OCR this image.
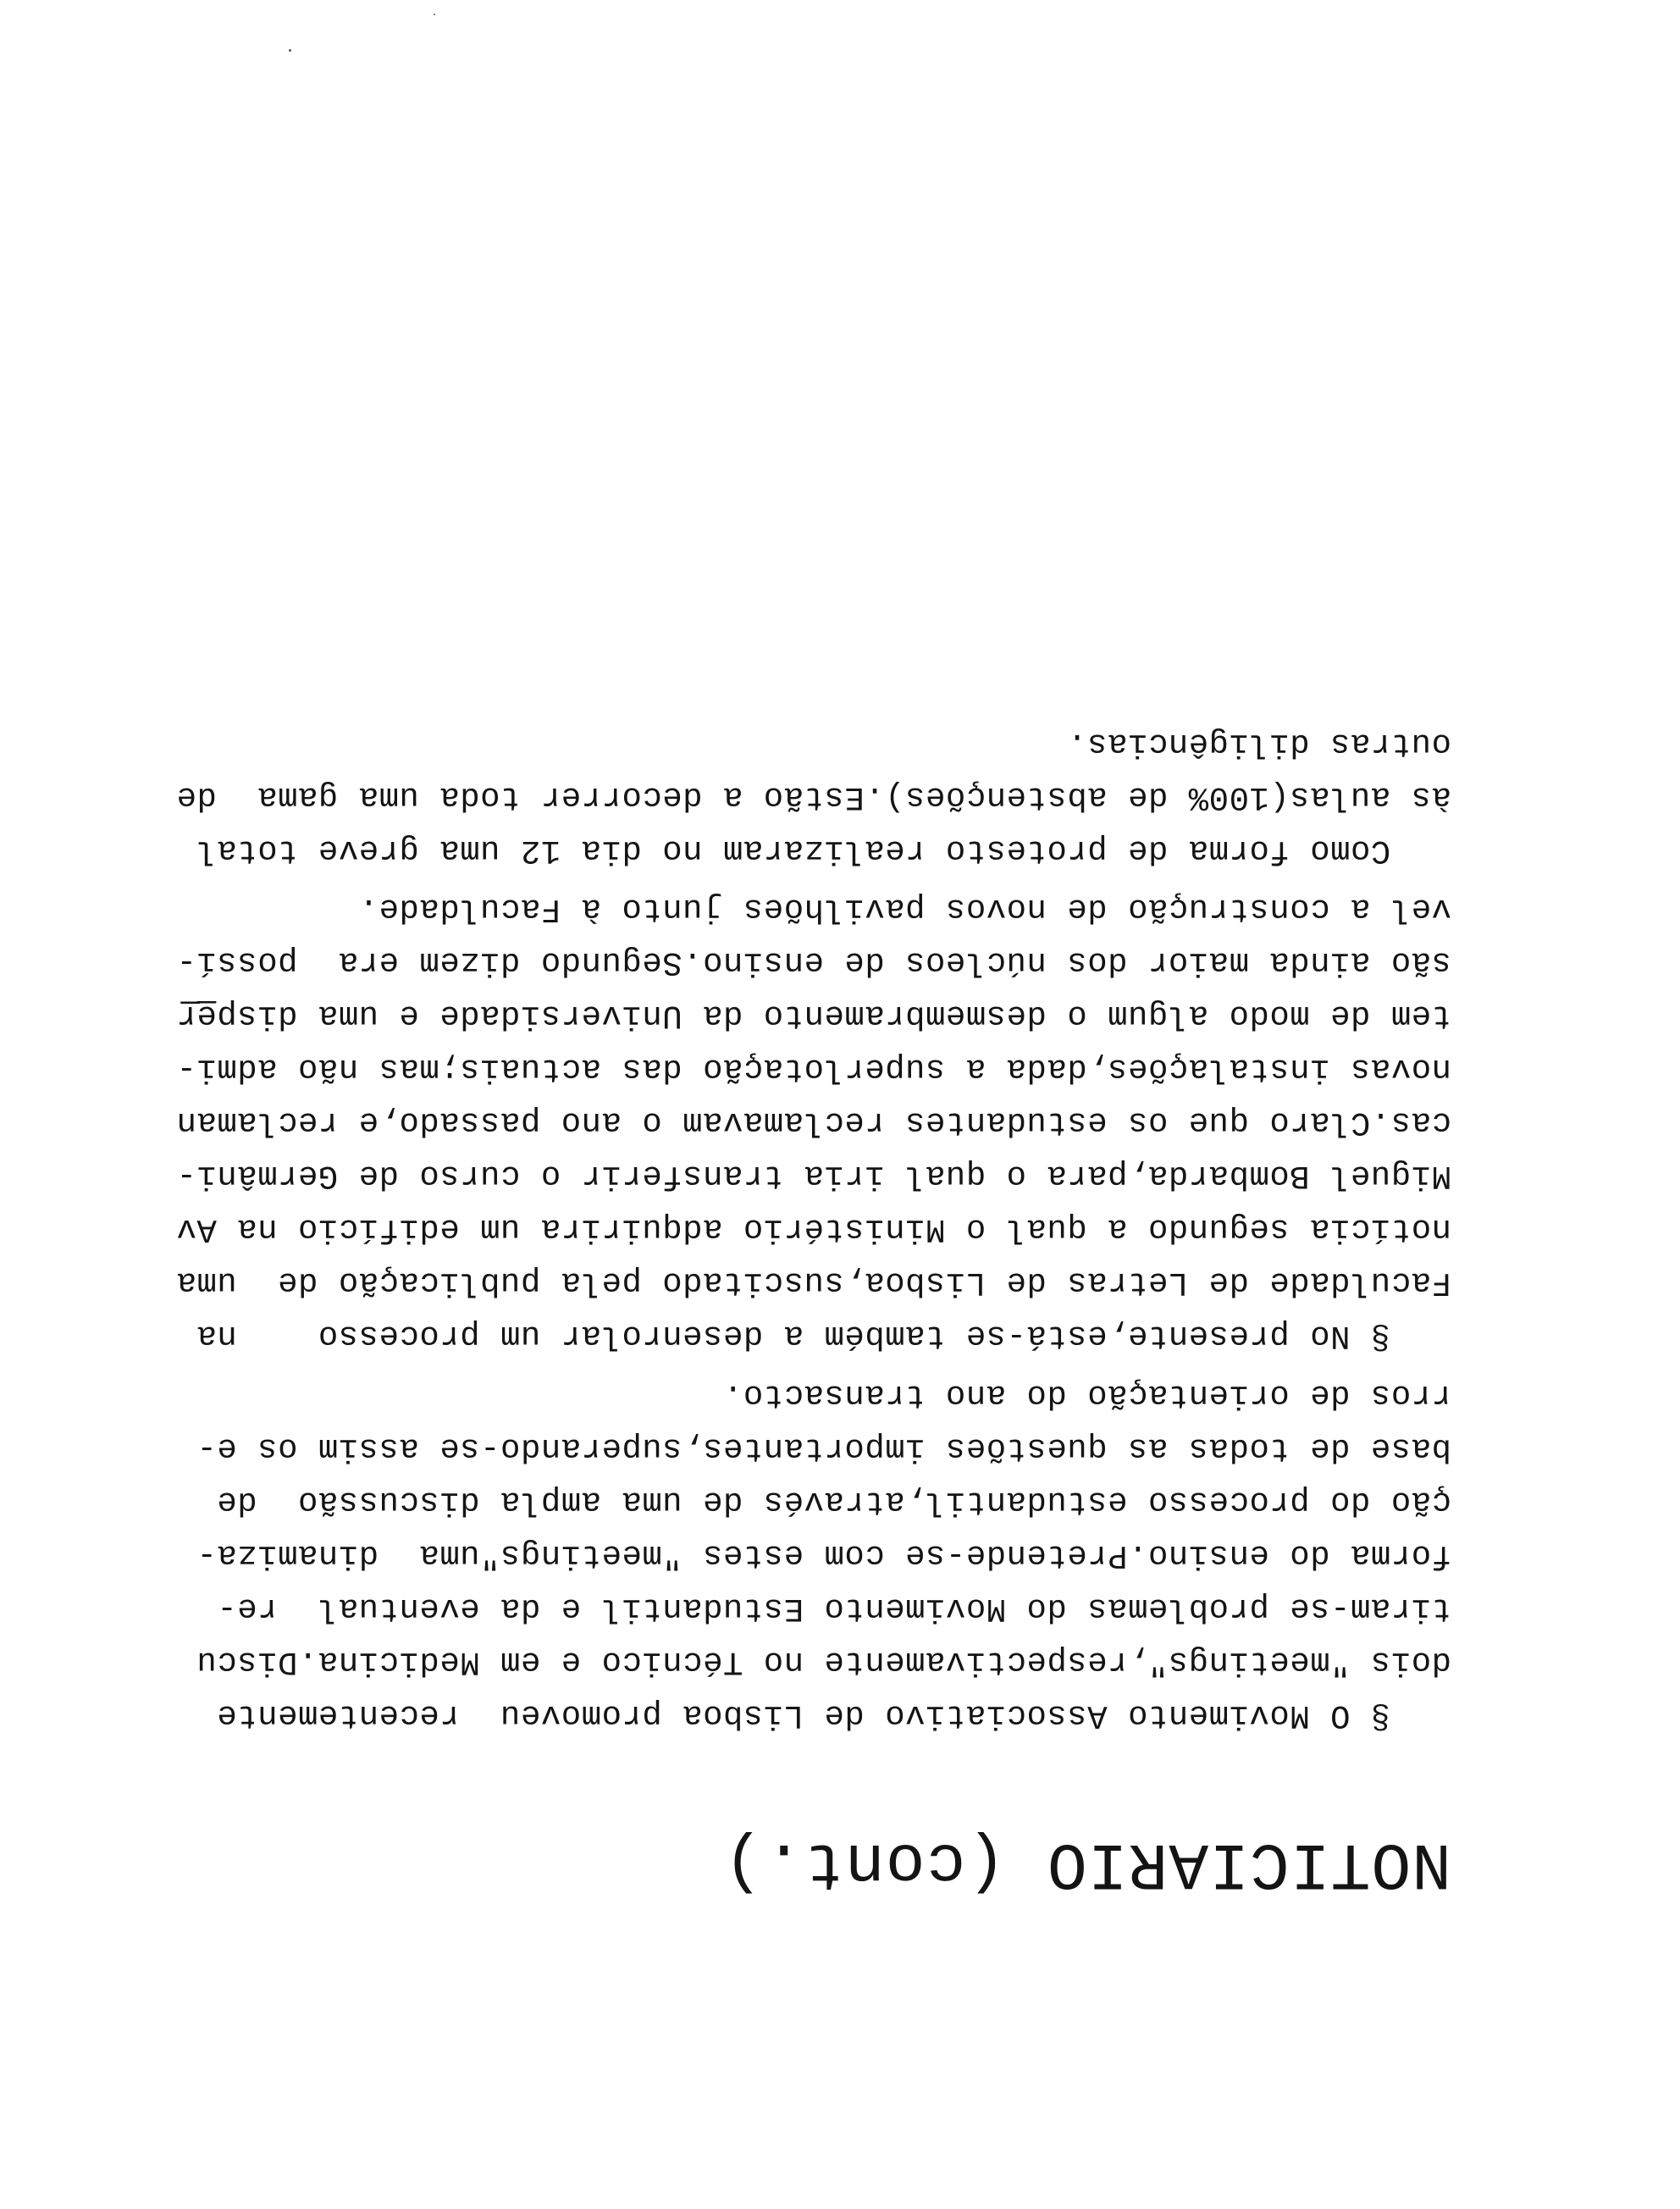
NOTICIARIO (cont.)
§ O Movimento Associativo de Lisboa promoveu  recentemente
dois "meetings",respectivamente no Técnico e em Medicina.Discu
tiram-se problemas do Movimento Estudantil e da eventual  re-
forma do ensino.Pretende-se com estes "meetings"uma  dinamiza-
ção do processo estudantil,através de uma ampla discussão  de
base de todas as questões importantes,superando-se assim os e-
rros de orientação do ano transacto.
§ No presente,está-se também a desenrolar um processo    na
Faculdade de Letras de Lisboa,suscitado pela publicação de  uma
notícia segundo a qual o Ministério adquirira um edifício na Av
Miguel Bombarda,para o qual iria transferir o curso de Germâni-
cas.Claro que os estudantes reclamavam o ano passado,e reclaman
novas instalações,dada a superlotação das actuais;mas não admi-
tem de modo algum o desmembramento da Universidade e uma dispe̲r̲
são ainda maior dos núcleos de ensino.Segundo dizem era  possí-
vel a construção de novos pavilhões junto à Faculdade.
Como forma de protesto realizaram no dia 12 uma greve total
às aulas(100% de abstenções).Estão a decorrer toda uma gama  de
outras diligências.
